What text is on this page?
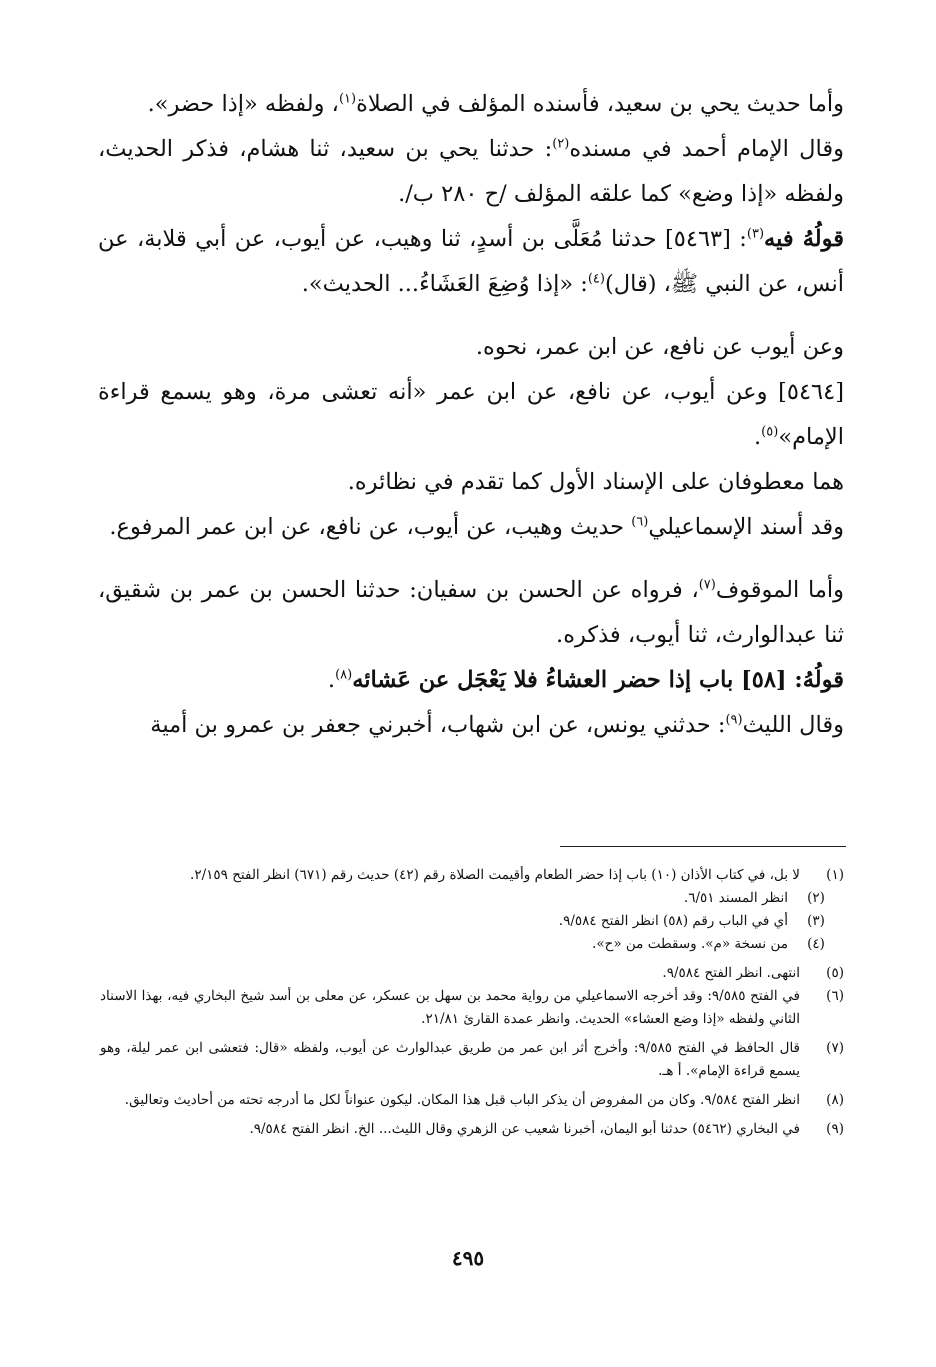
وأما حديث يحي بن سعيد، فأسنده المؤلف في الصلاة$^{(١)}$، ولفظه «إذا حضر».

وقال الإمام أحمد في مسنده$^{(٢)}$: حدثنا يحي بن سعيد، ثنا هشام، فذكر الحديث، ولفظه «إذا وضع» كما علقه المؤلف /ح ٢٨٠ ب/.

قولُهُ فيه$^{(٣)}$: [٥٤٦٣] حدثنا مُعَلَّى بن أسدٍ، ثنا وهيب، عن أيوب، عن أبي قلابة، عن أنس، عن النبي ﷺ، (قال)$^{(٤)}$: «إذا وُضِعَ العَشَاءُ... الحديث».

وعن أيوب عن نافع، عن ابن عمر، نحوه.

[٥٤٦٤] وعن أيوب، عن نافع، عن ابن عمر «أنه تعشى مرة، وهو يسمع قراءة الإمام»$^{(٥)}$.

هما معطوفان على الإسناد الأول كما تقدم في نظائره.

وقد أسند الإسماعيلي$^{(٦)}$ حديث وهيب، عن أيوب، عن نافع، عن ابن عمر المرفوع.

وأما الموقوف$^{(٧)}$، فرواه عن الحسن بن سفيان: حدثنا الحسن بن عمر بن شقيق، ثنا عبدالوارث، ثنا أيوب، فذكره.

قولُهُ: [٥٨] باب إذا حضر العشاءُ فلا يَعْجَل عن عَشائه$^{(٨)}$.

وقال الليث$^{(٩)}$: حدثني يونس، عن ابن شهاب، أخبرني جعفر بن عمرو بن أمية

(١)
لا بل، في كتاب الأذان (١٠) باب إذا حضر الطعام وأقيمت الصلاة رقم (٤٢) حديث رقم (٦٧١) انظر الفتح ٢/١٥٩.
(٢)
انظر المسند ٦/٥١.
(٣)
أي في الباب رقم (٥٨) انظر الفتح ٩/٥٨٤.
(٤)
من نسخة «م». وسقطت من «ح».
(٥)
انتهى. انظر الفتح ٩/٥٨٤.
(٦)
في الفتح ٩/٥٨٥: وقد أخرجه الاسماعيلي من رواية محمد بن سهل بن عسكر، عن معلى بن أسد شيخ البخاري فيه، بهذا الاسناد الثاني ولفظه «إذا وضع العشاء» الحديث. وانظر عمدة القارئ ٢١/٨١.
(٧)
قال الحافظ في الفتح ٩/٥٨٥: وأخرج أثر ابن عمر من طريق عبدالوارث عن أيوب، ولفظه «قال: فتعشى ابن عمر ليلة، وهو يسمع قراءة الإمام». أ هـ.
(٨)
انظر الفتح ٩/٥٨٤. وكان من المفروض أن يذكر الباب قبل هذا المكان. ليكون عنواناً لكل ما أدرجه تحته من أحاديث وتعاليق.
(٩)
في البخاري (٥٤٦٢) حدثنا أبو اليمان، أخبرنا شعيب عن الزهري وقال الليث... الخ. انظر الفتح ٩/٥٨٤.
٤٩٥
